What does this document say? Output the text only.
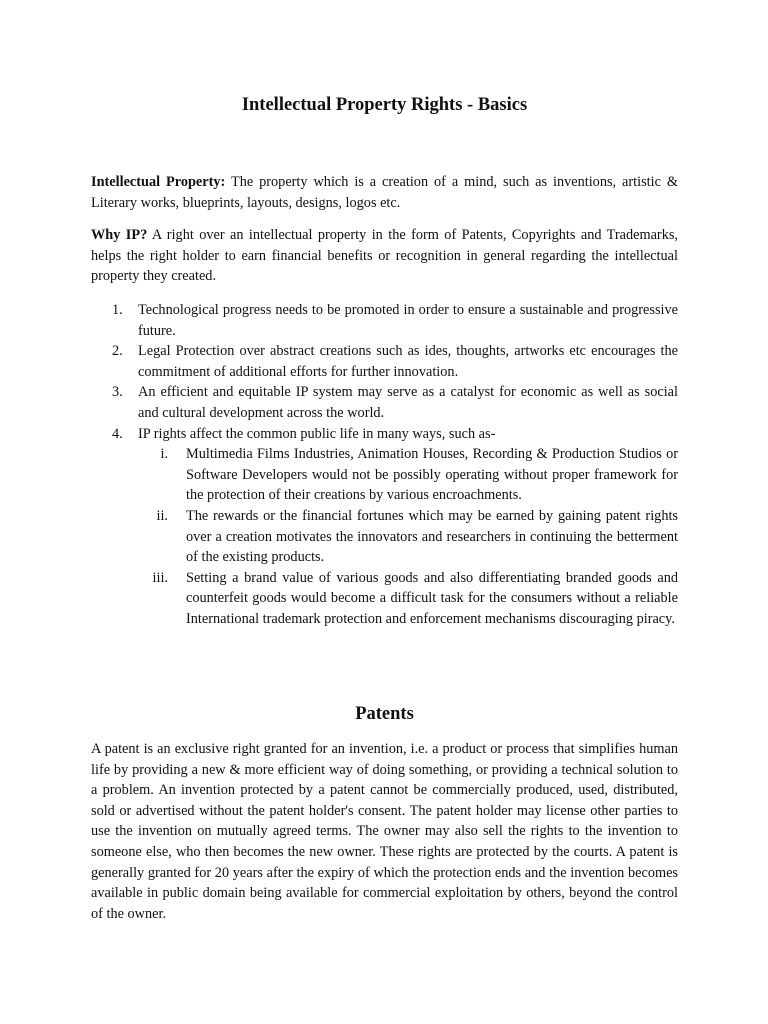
Intellectual Property Rights - Basics

Intellectual Property: The property which is a creation of a mind, such as inventions, artistic & Literary works, blueprints, layouts, designs, logos etc.

Why IP? A right over an intellectual property in the form of Patents, Copyrights and Trademarks, helps the right holder to earn financial benefits or recognition in general regarding the intellectual property they created.

1. Technological progress needs to be promoted in order to ensure a sustainable and progressive future.
2. Legal Protection over abstract creations such as ides, thoughts, artworks etc encourages the commitment of additional efforts for further innovation.
3. An efficient and equitable IP system may serve as a catalyst for economic as well as social and cultural development across the world.
4. IP rights affect the common public life in many ways, such as-
i. Multimedia Films Industries, Animation Houses, Recording & Production Studios or Software Developers would not be possibly operating without proper framework for the protection of their creations by various encroachments.
ii. The rewards or the financial fortunes which may be earned by gaining patent rights over a creation motivates the innovators and researchers in continuing the betterment of the existing products.
iii. Setting a brand value of various goods and also differentiating branded goods and counterfeit goods would become a difficult task for the consumers without a reliable International trademark protection and enforcement mechanisms discouraging piracy.
Patents

A patent is an exclusive right granted for an invention, i.e. a product or process that simplifies human life by providing a new & more efficient way of doing something, or providing a technical solution to a problem. An invention protected by a patent cannot be commercially produced, used, distributed, sold or advertised without the patent holder's consent. The patent holder may license other parties to use the invention on mutually agreed terms. The owner may also sell the rights to the invention to someone else, who then becomes the new owner. These rights are protected by the courts. A patent is generally granted for 20 years after the expiry of which the protection ends and the invention becomes available in public domain being available for commercial exploitation by others, beyond the control of the owner.
